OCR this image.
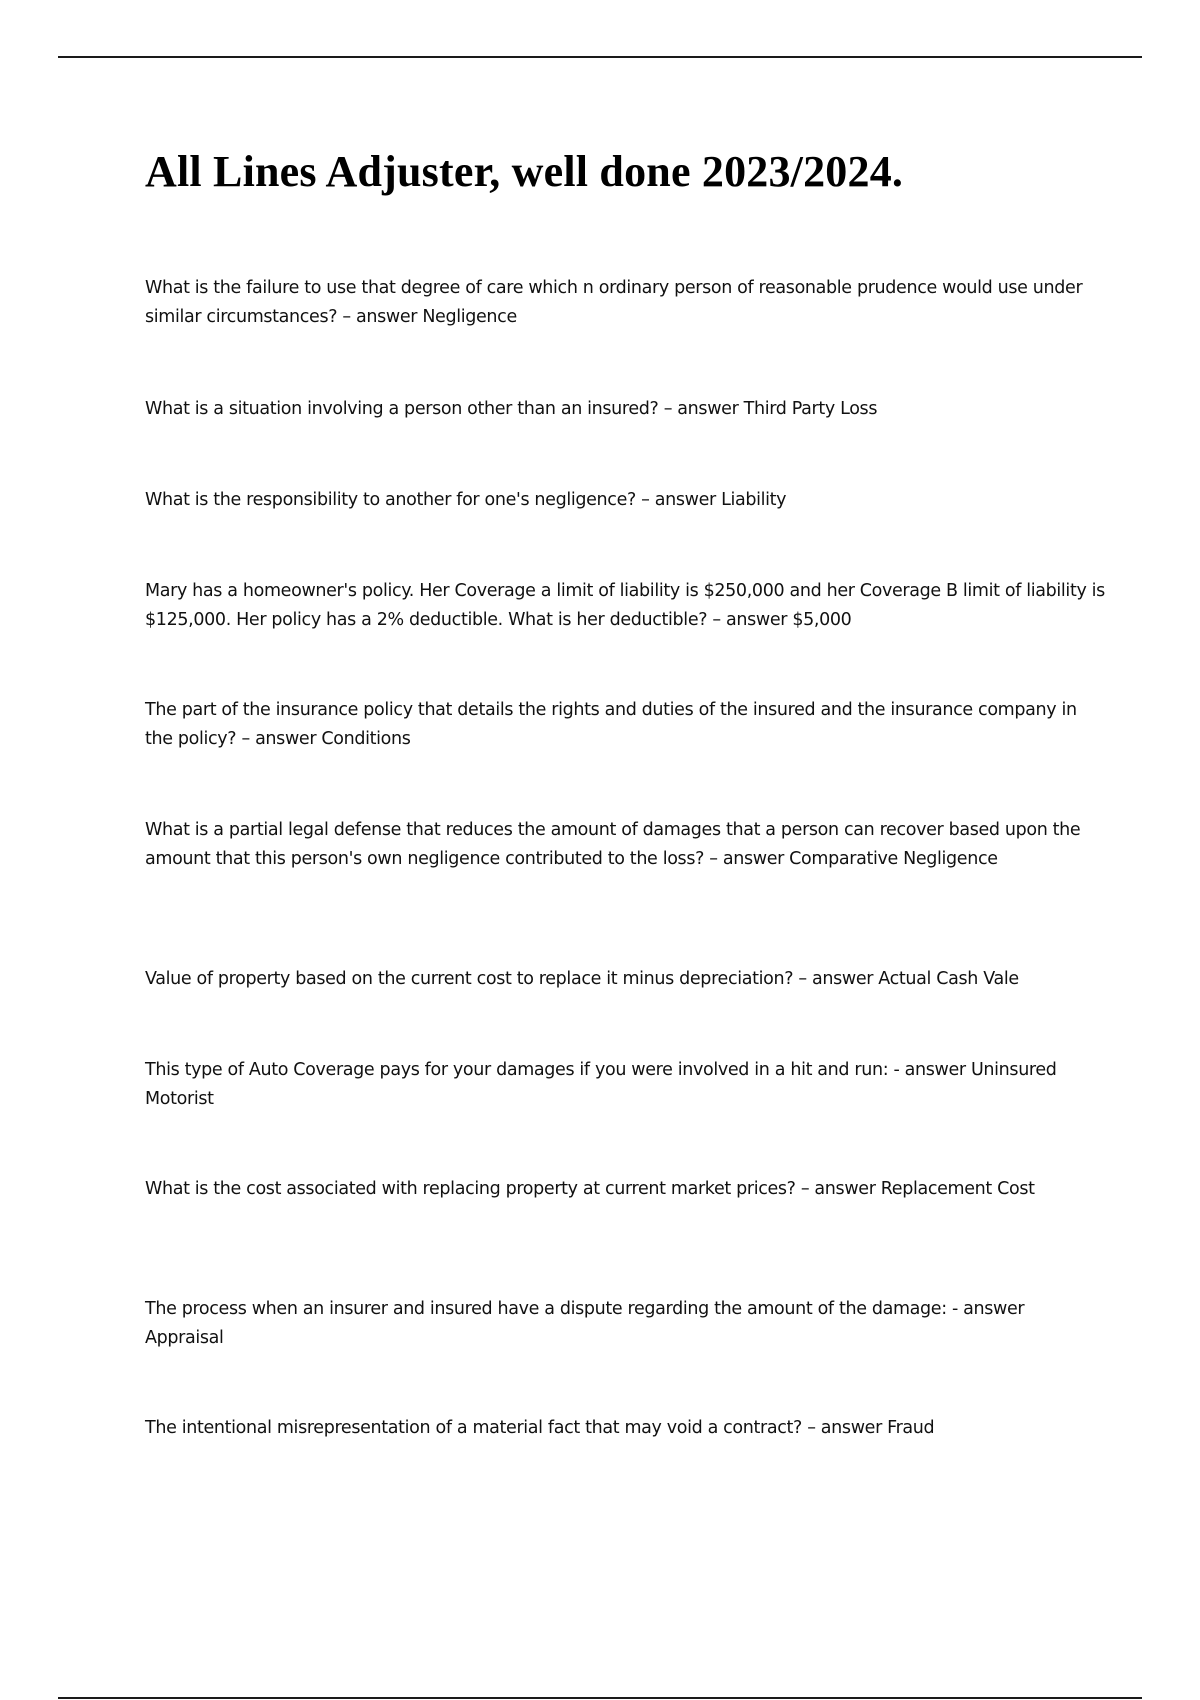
All Lines Adjuster, well done 2023/2024.

What is the failure to use that degree of care which n ordinary person of reasonable prudence would use under similar circumstances? – answer Negligence

What is a situation involving a person other than an insured? – answer Third Party Loss

What is the responsibility to another for one's negligence? – answer Liability

Mary has a homeowner's policy. Her Coverage a limit of liability is $250,000 and her Coverage B limit of liability is $125,000. Her policy has a 2% deductible. What is her deductible? – answer $5,000

The part of the insurance policy that details the rights and duties of the insured and the insurance company in the policy? – answer Conditions

What is a partial legal defense that reduces the amount of damages that a person can recover based upon the amount that this person's own negligence contributed to the loss? – answer Comparative Negligence

Value of property based on the current cost to replace it minus depreciation? – answer Actual Cash Vale

This type of Auto Coverage pays for your damages if you were involved in a hit and run: - answer Uninsured Motorist

What is the cost associated with replacing property at current market prices? – answer Replacement Cost

The process when an insurer and insured have a dispute regarding the amount of the damage: - answer Appraisal

The intentional misrepresentation of a material fact that may void a contract? – answer Fraud
